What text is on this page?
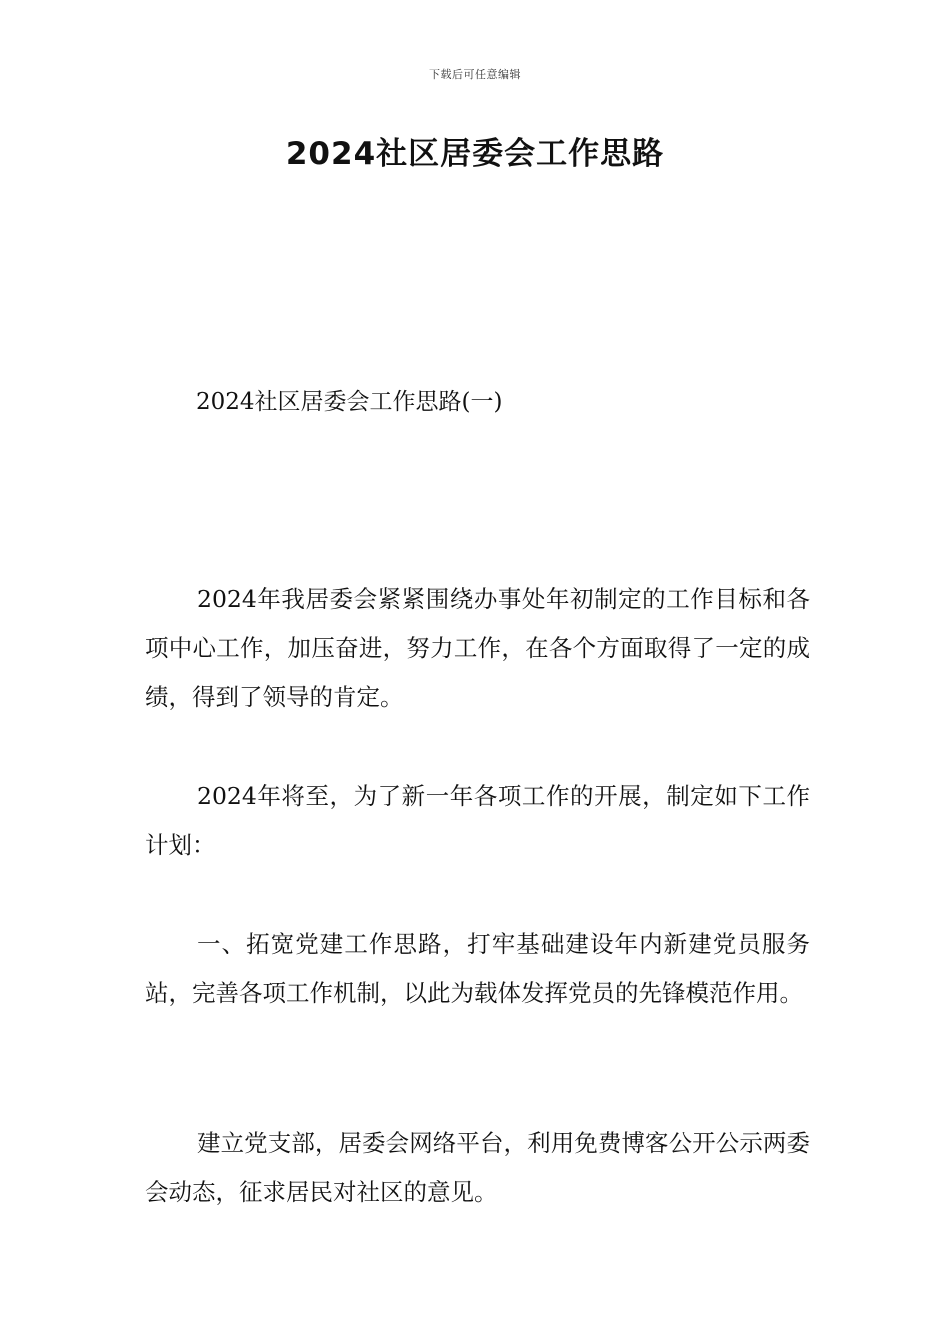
下载后可任意编辑
2024社区居委会工作思路
2024社区居委会工作思路(一)

2024年我居委会紧紧围绕办事处年初制定的工作目标和各项中心工作，加压奋进，努力工作，在各个方面取得了一定的成绩，得到了领导的肯定。

2024年将至，为了新一年各项工作的开展，制定如下工作计划：

一、拓宽党建工作思路，打牢基础建设年内新建党员服务站，完善各项工作机制，以此为载体发挥党员的先锋模范作用。

建立党支部，居委会网络平台，利用免费博客公开公示两委会动态，征求居民对社区的意见。
